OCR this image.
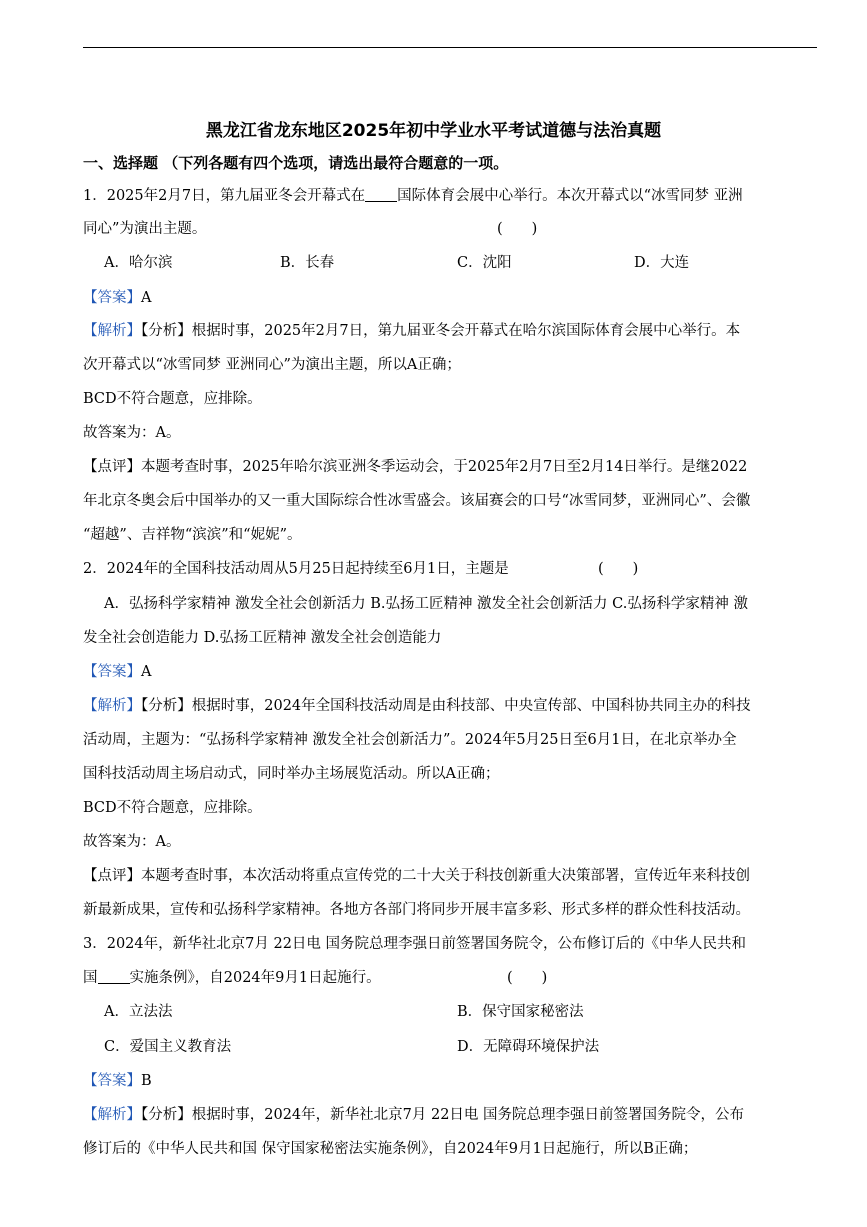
黑龙江省龙东地区2025年初中学业水平考试道德与法治真题
一、选择题 （下列各题有四个选项，请选出最符合题意的一项。
1．2025年2月7日，第九届亚冬会开幕式在 国际体育会展中心举行。本次开幕式以“冰雪同梦 亚洲
同心”为演出主题。	(　　)
A．哈尔滨	B．长春	C．沈阳	D．大连
【答案】A
【解析】【分析】根据时事，2025年2月7日，第九届亚冬会开幕式在哈尔滨国际体育会展中心举行。本
次开幕式以“冰雪同梦 亚洲同心”为演出主题，所以A正确；
BCD不符合题意，应排除。
故答案为：A。
【点评】本题考查时事，2025年哈尔滨亚洲冬季运动会，于2025年2月7日至2月14日举行。是继2022
年北京冬奥会后中国举办的又一重大国际综合性冰雪盛会。该届赛会的口号“冰雪同梦，亚洲同心”、会徽
“超越”、吉祥物“滨滨”和“妮妮”。
2．2024年的全国科技活动周从5月25日起持续至6月1日，主题是	(　　)
A．弘扬科学家精神 激发全社会创新活力 B.弘扬工匠精神 激发全社会创新活力 C.弘扬科学家精神 激
发全社会创造能力 D.弘扬工匠精神 激发全社会创造能力
【答案】A
【解析】【分析】根据时事，2024年全国科技活动周是由科技部、中央宣传部、中国科协共同主办的科技
活动周，主题为：“弘扬科学家精神 激发全社会创新活力”。2024年5月25日至6月1日，在北京举办全
国科技活动周主场启动式，同时举办主场展览活动。所以A正确；
BCD不符合题意，应排除。
故答案为：A。
【点评】本题考查时事，本次活动将重点宣传党的二十大关于科技创新重大决策部署，宣传近年来科技创
新最新成果，宣传和弘扬科学家精神。各地方各部门将同步开展丰富多彩、形式多样的群众性科技活动。
3．2024年，新华社北京7月 22日电 国务院总理李强日前签署国务院令，公布修订后的《中华人民共和
国 实施条例》，自2024年9月1日起施行。	(　　)
A．立法法	B．保守国家秘密法
C．爱国主义教育法	D．无障碍环境保护法
【答案】B
【解析】【分析】根据时事，2024年，新华社北京7月 22日电 国务院总理李强日前签署国务院令，公布
修订后的《中华人民共和国 保守国家秘密法实施条例》，自2024年9月1日起施行，所以B正确；
